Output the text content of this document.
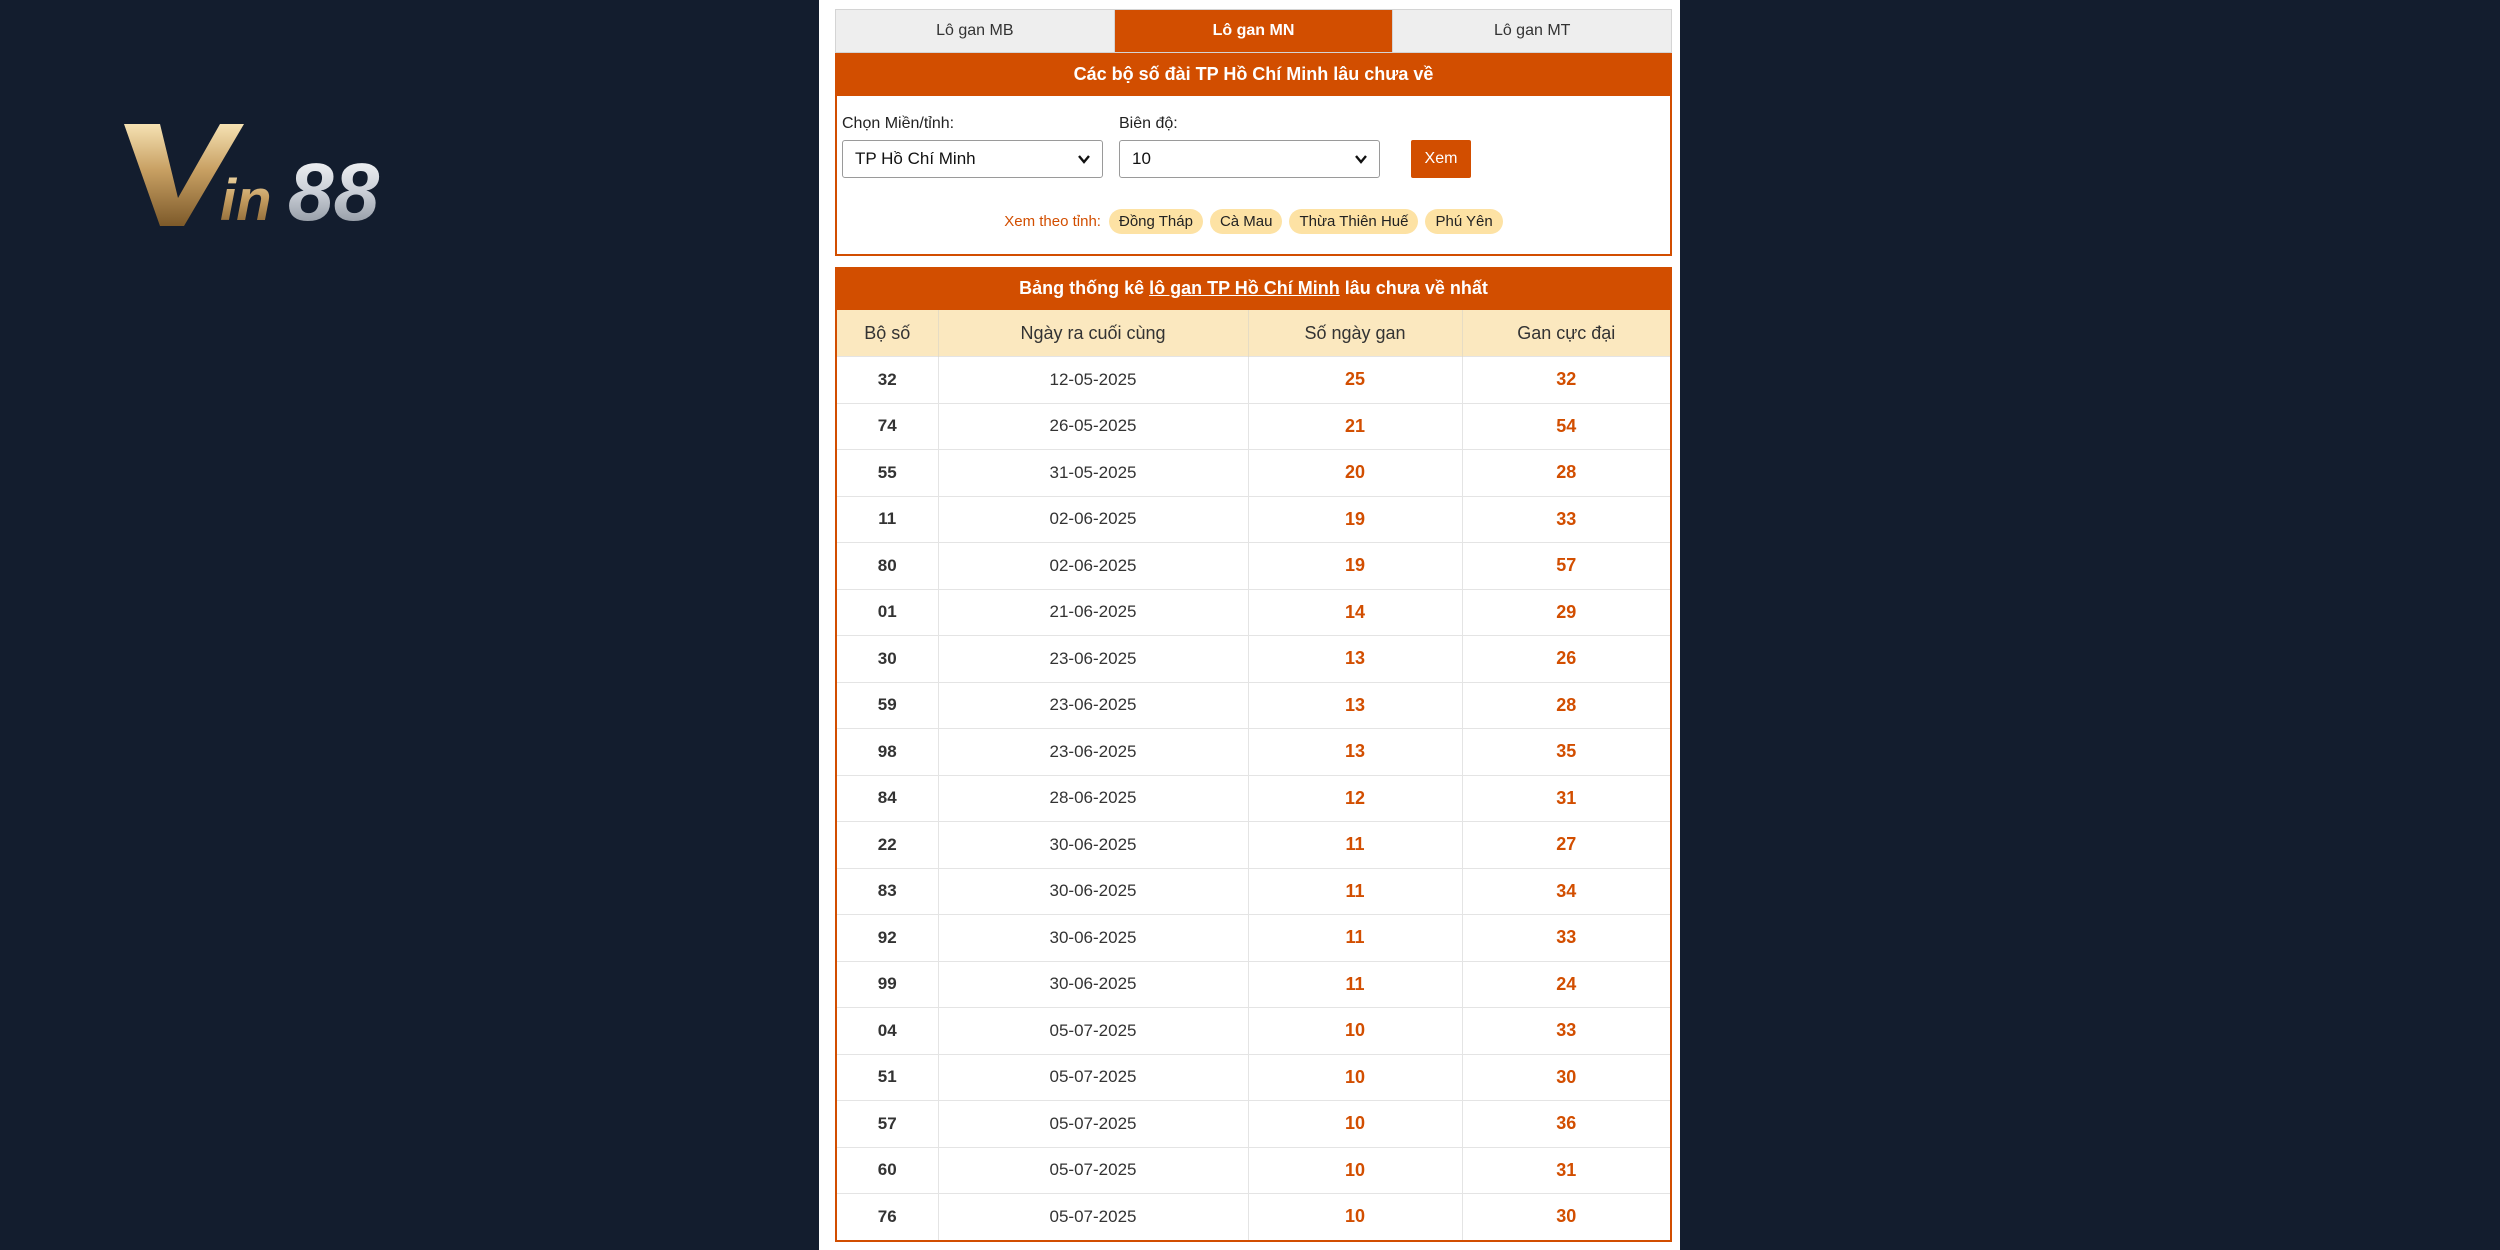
in 88
Lô gan MB	Lô gan MN	Lô gan MT
Các bộ số đài TP Hồ Chí Minh lâu chưa về
Chọn Miền/tỉnh:
TP Hồ Chí Minh
Biên độ:
10	Xem
Xem theo tỉnh:	Đồng Tháp	Cà Mau	Thừa Thiên Huế	Phú Yên
Bảng thống kê lô gan TP Hồ Chí Minh lâu chưa về nhất
Bộ số	Ngày ra cuối cùng	Số ngày gan	Gan cực đại
32	12-05-2025	25	32
74	26-05-2025	21	54
55	31-05-2025	20	28
11	02-06-2025	19	33
80	02-06-2025	19	57
01	21-06-2025	14	29
30	23-06-2025	13	26
59	23-06-2025	13	28
98	23-06-2025	13	35
84	28-06-2025	12	31
22	30-06-2025	11	27
83	30-06-2025	11	34
92	30-06-2025	11	33
99	30-06-2025	11	24
04	05-07-2025	10	33
51	05-07-2025	10	30
57	05-07-2025	10	36
60	05-07-2025	10	31
76	05-07-2025	10	30
